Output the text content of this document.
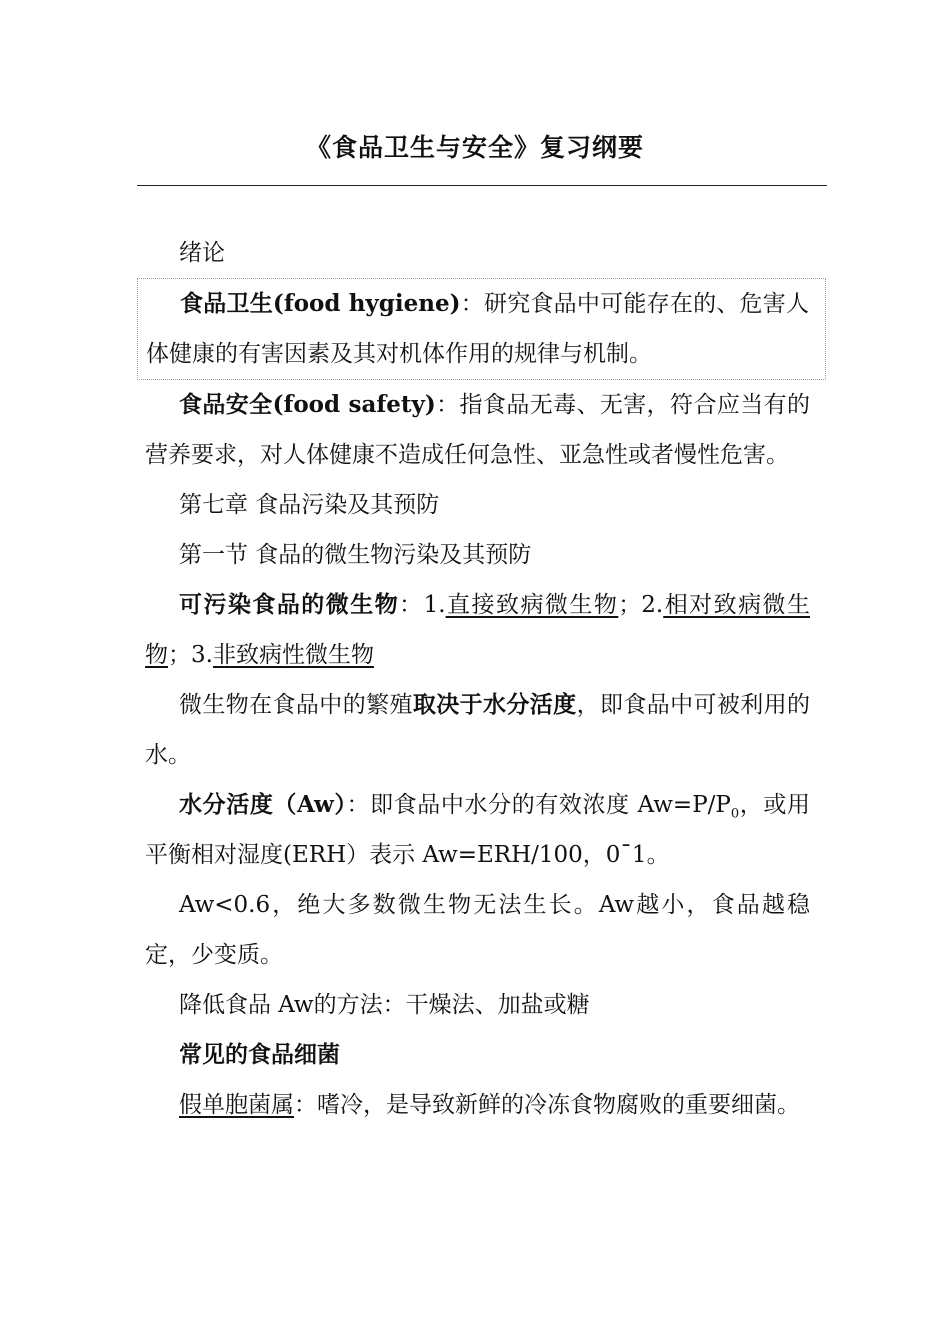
《食品卫生与安全》复习纲要

绪论

食品卫生(food hygiene)：研究食品中可能存在的、危害人体健康的有害因素及其对机体作用的规律与机制。

食品安全(food safety)：指食品无毒、无害，符合应当有的营养要求，对人体健康不造成任何急性、亚急性或者慢性危害。

第七章 食品污染及其预防

第一节 食品的微生物污染及其预防

可污染食品的微生物：1.直接致病微生物；2.相对致病微生物；3.非致病性微生物

微生物在食品中的繁殖取决于水分活度，即食品中可被利用的水。

水分活度（Aw）：即食品中水分的有效浓度 $Aw=P/P_0$，或用平衡相对湿度(ERH）表示 Aw=ERH/100，0¯1。

Aw<0.6，绝大多数微生物无法生长。Aw越小，食品越稳定，少变质。

降低食品 Aw的方法：干燥法、加盐或糖

常见的食品细菌

假单胞菌属：嗜冷，是导致新鲜的冷冻食物腐败的重要细菌。
